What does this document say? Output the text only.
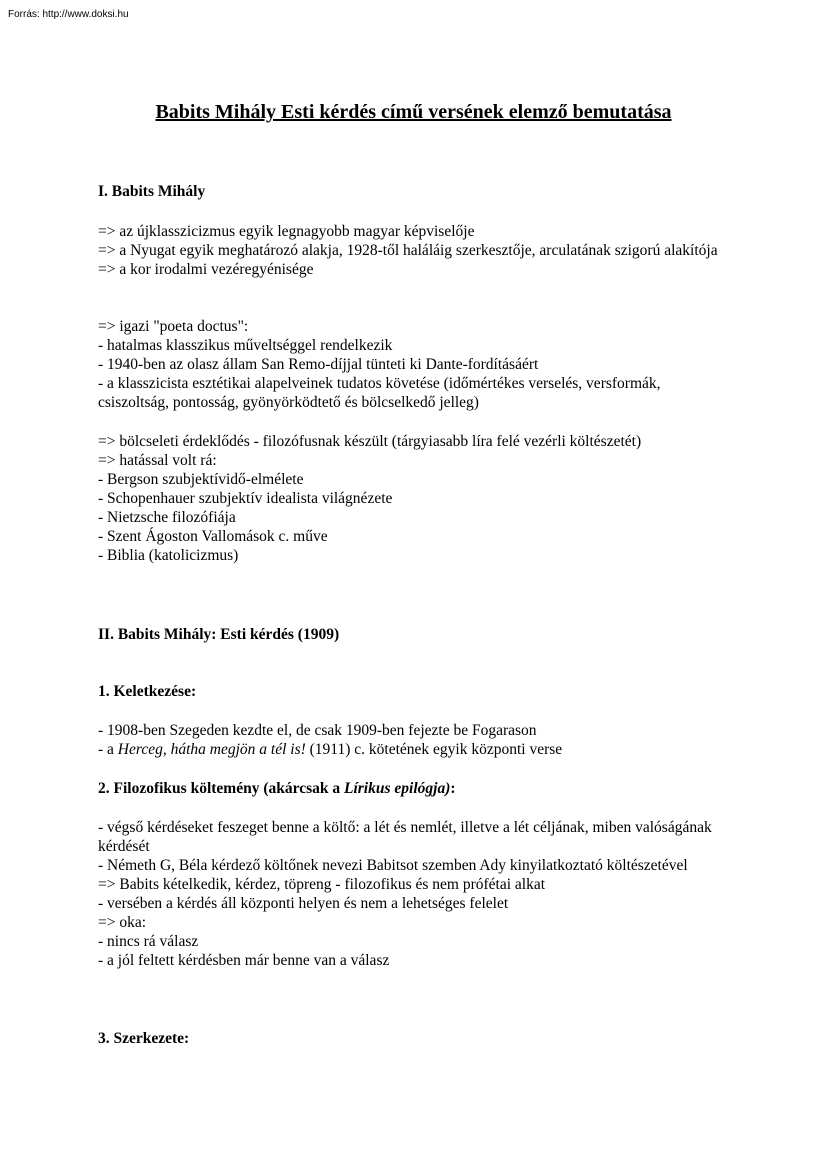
Forrás: http://www.doksi.hu
Babits Mihály Esti kérdés című versének elemző bemutatása
I. Babits Mihály
=> az újklasszicizmus egyik legnagyobb magyar képviselője
=> a Nyugat egyik meghatározó alakja, 1928-től haláláig szerkesztője, arculatának szigorú alakítója
=> a kor irodalmi vezéregyénisége
=> igazi "poeta doctus":
- hatalmas klasszikus műveltséggel rendelkezik
- 1940-ben az olasz állam San Remo-díjjal tünteti ki Dante-fordításáért
- a klasszicista esztétikai alapelveinek tudatos követése (időmértékes verselés, versformák, csiszoltság, pontosság, gyönyörködtető és bölcselkedő jelleg)
=> bölcseleti érdeklődés - filozófusnak készült (tárgyiasabb líra felé vezérli költészetét)
=> hatással volt rá:
- Bergson szubjektívidő-elmélete
- Schopenhauer szubjektív idealista világnézete
- Nietzsche filozófiája
- Szent Ágoston Vallomások c. műve
- Biblia (katolicizmus)
II. Babits Mihály: Esti kérdés (1909)
1. Keletkezése:
- 1908-ben Szegeden kezdte el, de csak 1909-ben fejezte be Fogarason
- a Herceg, hátha megjön a tél is! (1911) c. kötetének egyik központi verse
2. Filozofikus költemény (akárcsak a Lírikus epilógja):
- végső kérdéseket feszeget benne a költő: a lét és nemlét, illetve a lét céljának, miben valóságának kérdését
- Németh G, Béla kérdező költőnek nevezi Babitsot szemben Ady kinyilatkoztató költészetével
=> Babits kételkedik, kérdez, töpreng - filozofikus és nem prófétai alkat
- versében a kérdés áll központi helyen és nem a lehetséges felelet
=> oka:
- nincs rá válasz
- a jól feltett kérdésben már benne van a válasz
3. Szerkezete:
